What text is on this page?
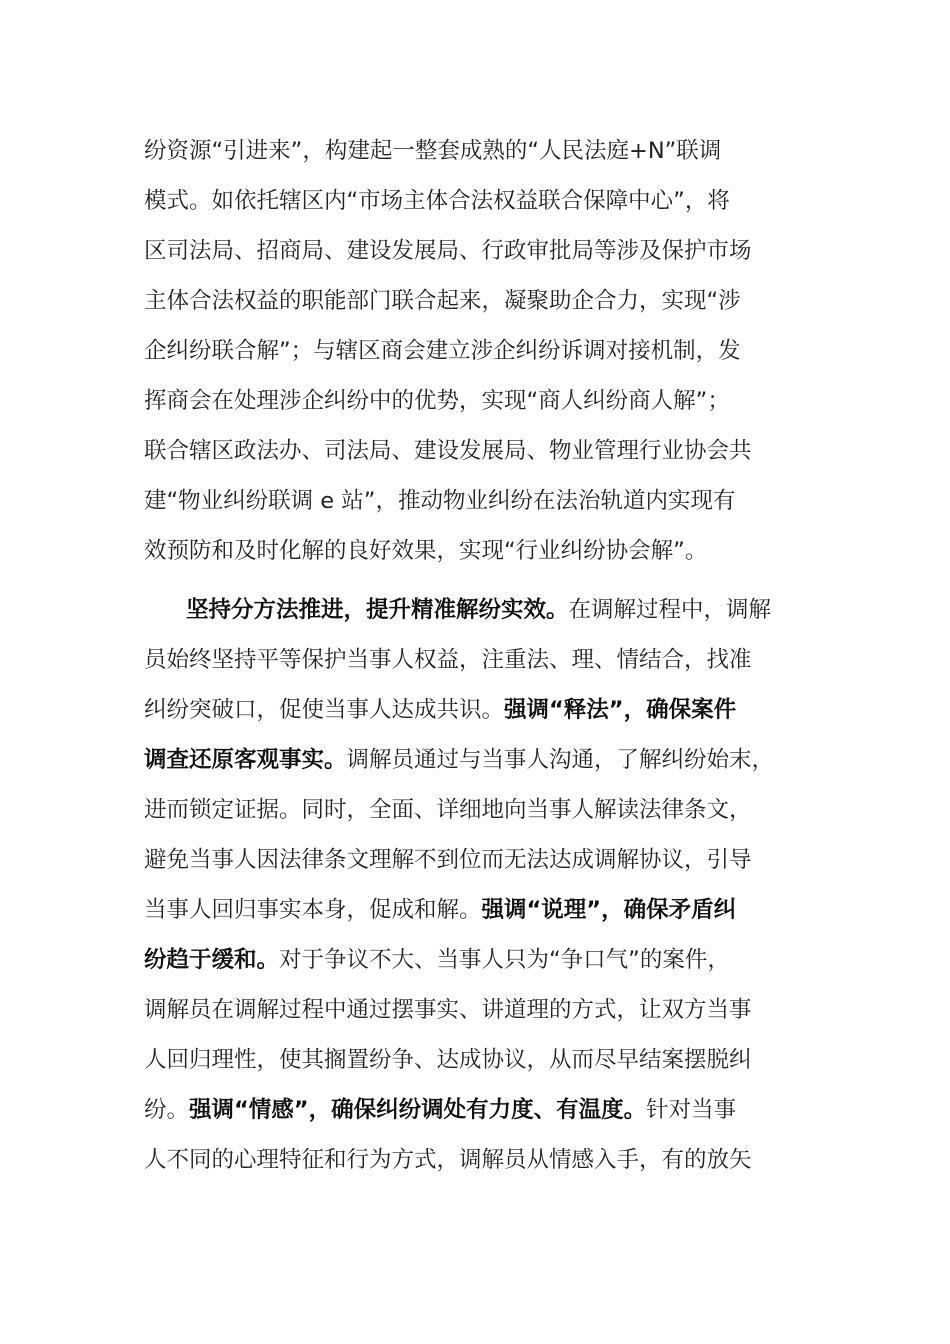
纷资源“引进来”，构建起一整套成熟的“人民法庭+N”联调
模式。如依托辖区内“市场主体合法权益联合保障中心”，将
区司法局、招商局、建设发展局、行政审批局等涉及保护市场
主体合法权益的职能部门联合起来，凝聚助企合力，实现“涉
企纠纷联合解”；与辖区商会建立涉企纠纷诉调对接机制，发
挥商会在处理涉企纠纷中的优势，实现“商人纠纷商人解”；
联合辖区政法办、司法局、建设发展局、物业管理行业协会共
建“物业纠纷联调 e 站”，推动物业纠纷在法治轨道内实现有
效预防和及时化解的良好效果，实现“行业纠纷协会解”。
坚持分方法推进，提升精准解纷实效。在调解过程中，调解
员始终坚持平等保护当事人权益，注重法、理、情结合，找准
纠纷突破口，促使当事人达成共识。强调“释法”，确保案件
调查还原客观事实。调解员通过与当事人沟通，了解纠纷始末，
进而锁定证据。同时，全面、详细地向当事人解读法律条文，
避免当事人因法律条文理解不到位而无法达成调解协议，引导
当事人回归事实本身，促成和解。强调“说理”，确保矛盾纠
纷趋于缓和。对于争议不大、当事人只为“争口气”的案件，
调解员在调解过程中通过摆事实、讲道理的方式，让双方当事
人回归理性，使其搁置纷争、达成协议，从而尽早结案摆脱纠
纷。强调“情感”，确保纠纷调处有力度、有温度。针对当事
人不同的心理特征和行为方式，调解员从情感入手，有的放矢
